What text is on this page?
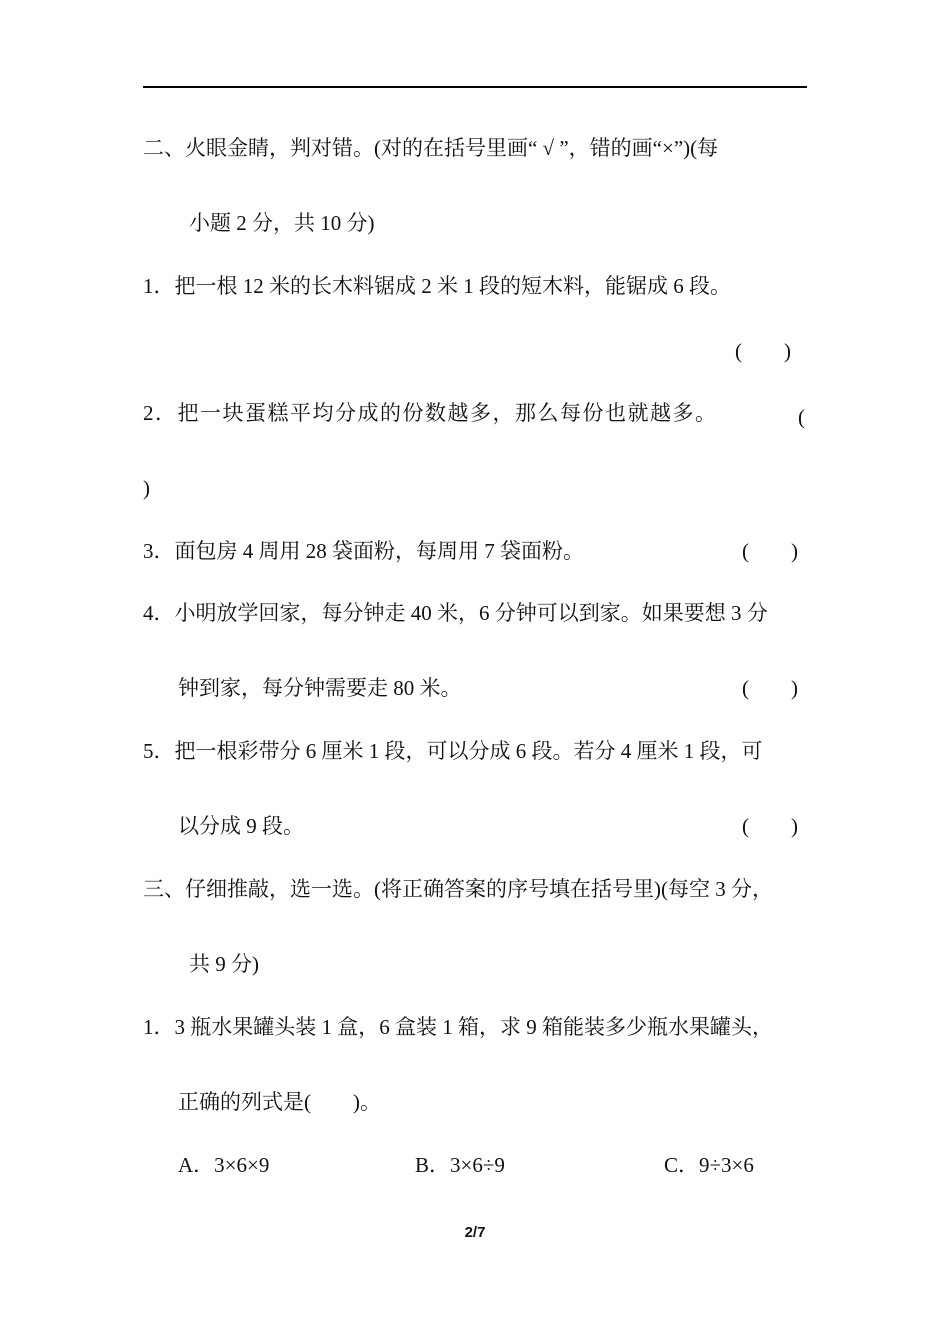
二、火眼金睛，判对错。(对的在括号里画“ √ ”，错的画“×”)(每
小题 2 分，共 10 分)
1．把一根 12 米的长木料锯成 2 米 1 段的短木料，能锯成 6 段。
(　　)
2．把一块蛋糕平均分成的份数越多，那么每份也就越多。	(
)
3．面包房 4 周用 28 袋面粉，每周用 7 袋面粉。	(　　)
4．小明放学回家，每分钟走 40 米，6 分钟可以到家。如果要想 3 分
钟到家，每分钟需要走 80 米。	(　　)
5．把一根彩带分 6 厘米 1 段，可以分成 6 段。若分 4 厘米 1 段，可
以分成 9 段。	(　　)
三、仔细推敲，选一选。(将正确答案的序号填在括号里)(每空 3 分，
共 9 分)
1．3 瓶水果罐头装 1 盒，6 盒装 1 箱，求 9 箱能装多少瓶水果罐头，
正确的列式是(　　)。
A．3×6×9	B．3×6÷9	C．9÷3×6
2/7
